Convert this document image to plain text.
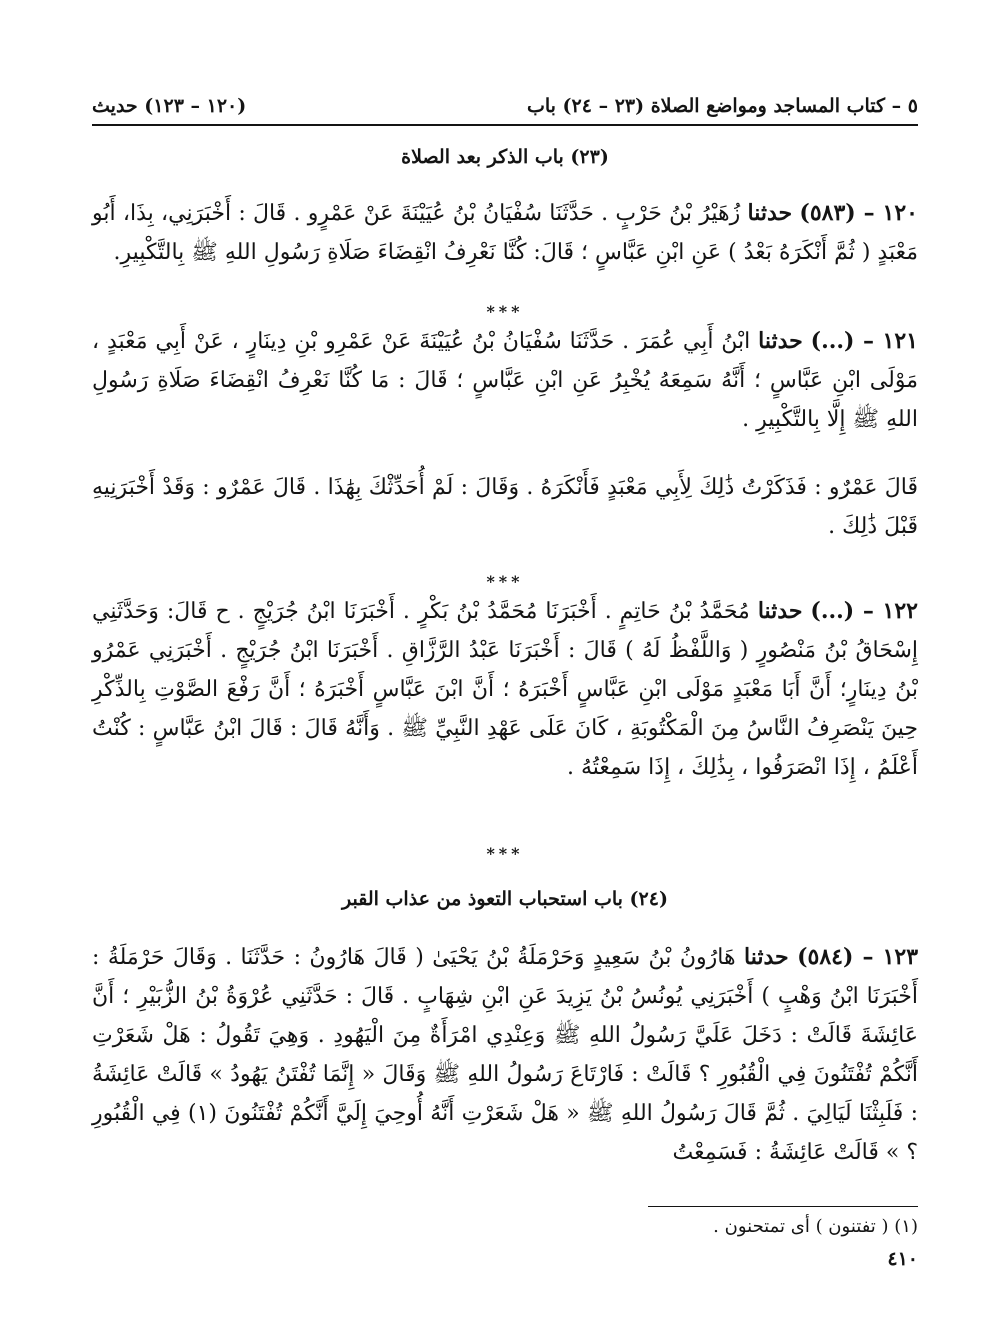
٥ – كتاب المساجد ومواضع الصلاة (٢٣ – ٢٤) باب
(١٢٠ – ١٢٣) حديث
(٢٣) باب الذكر بعد الصلاة
١٢٠ – (٥٨٣) حدثنا زُهَيْرُ بْنُ حَرْبٍ . حَدَّثَنَا سُفْيَانُ بْنُ عُيَيْنَةَ عَنْ عَمْرٍو . قَالَ : أَخْبَرَنِي، بِذَا، أَبُو مَعْبَدٍ ( ثُمَّ أَنْكَرَهُ بَعْدُ ) عَنِ ابْنِ عَبَّاسٍ ؛ قَالَ: كُنَّا نَعْرِفُ انْقِضَاءَ صَلَاةِ رَسُولِ اللهِ ﷺ بِالتَّكْبِيرِ.
***
١٢١ – (...) حدثنا ابْنُ أَبِي عُمَرَ . حَدَّثَنَا سُفْيَانُ بْنُ عُيَيْنَةَ عَنْ عَمْرِو بْنِ دِينَارٍ ، عَنْ أَبِي مَعْبَدٍ ، مَوْلَى ابْنِ عَبَّاسٍ ؛ أَنَّهُ سَمِعَهُ يُخْبِرُ عَنِ ابْنِ عَبَّاسٍ ؛ قَالَ : مَا كُنَّا نَعْرِفُ انْقِضَاءَ صَلَاةِ رَسُولِ اللهِ ﷺ إِلَّا بِالتَّكْبِيرِ .
قَالَ عَمْرٌو : فَذَكَرْتُ ذَٰلِكَ لِأَبِي مَعْبَدٍ فَأَنْكَرَهُ . وَقَالَ : لَمْ أُحَدِّثْكَ بِهَٰذَا . قَالَ عَمْرٌو : وَقَدْ أَخْبَرَنِيهِ قَبْلَ ذَٰلِكَ .
***
١٢٢ – (...) حدثنا مُحَمَّدُ بْنُ حَاتِمٍ . أَخْبَرَنَا مُحَمَّدُ بْنُ بَكْرٍ . أَخْبَرَنَا ابْنُ جُرَيْجٍ . ح قَالَ: وَحَدَّثَنِي إِسْحَاقُ بْنُ مَنْصُورٍ ( وَاللَّفْظُ لَهُ ) قَالَ : أَخْبَرَنَا عَبْدُ الرَّزَّاقِ . أَخْبَرَنَا ابْنُ جُرَيْجٍ . أَخْبَرَنِي عَمْرُو بْنُ دِينَارٍ؛ أَنَّ أَبَا مَعْبَدٍ مَوْلَى ابْنِ عَبَّاسٍ أَخْبَرَهُ ؛ أَنَّ ابْنَ عَبَّاسٍ أَخْبَرَهُ ؛ أَنَّ رَفْعَ الصَّوْتِ بِالذِّكْرِ حِينَ يَنْصَرِفُ النَّاسُ مِنَ الْمَكْتُوبَةِ ، كَانَ عَلَى عَهْدِ النَّبِيِّ ﷺ . وَأَنَّهُ قَالَ : قَالَ ابْنُ عَبَّاسٍ : كُنْتُ أَعْلَمُ ، إِذَا انْصَرَفُوا ، بِذَٰلِكَ ، إِذَا سَمِعْتُهُ .
***
(٢٤) باب استحباب التعوذ من عذاب القبر
١٢٣ – (٥٨٤) حدثنا هَارُونُ بْنُ سَعِيدٍ وَحَرْمَلَةُ بْنُ يَحْيَىٰ ( قَالَ هَارُونُ : حَدَّثَنَا . وَقَالَ حَرْمَلَةُ : أَخْبَرَنَا ابْنُ وَهْبٍ ) أَخْبَرَنِي يُونُسُ بْنُ يَزِيدَ عَنِ ابْنِ شِهَابٍ . قَالَ : حَدَّثَنِي عُرْوَةُ بْنُ الزُّبَيْرِ ؛ أَنَّ عَائِشَةَ قَالَتْ : دَخَلَ عَلَيَّ رَسُولُ اللهِ ﷺ وَعِنْدِي امْرَأَةٌ مِنَ الْيَهُودِ . وَهِيَ تَقُولُ : هَلْ شَعَرْتِ أَنَّكُمْ تُفْتَنُونَ فِي الْقُبُورِ ؟ قَالَتْ : فَارْتَاعَ رَسُولُ اللهِ ﷺ وَقَالَ « إِنَّمَا تُفْتَنُ يَهُودُ » قَالَتْ عَائِشَةُ : فَلَبِثْنَا لَيَالِيَ . ثُمَّ قَالَ رَسُولُ اللهِ ﷺ « هَلْ شَعَرْتِ أَنَّهُ أُوحِيَ إِلَيَّ أَنَّكُمْ تُفْتَنُونَ (١) فِي الْقُبُورِ ؟ » قَالَتْ عَائِشَةُ : فَسَمِعْتُ
(١) ( تفتنون ) أى تمتحنون .
٤١٠
